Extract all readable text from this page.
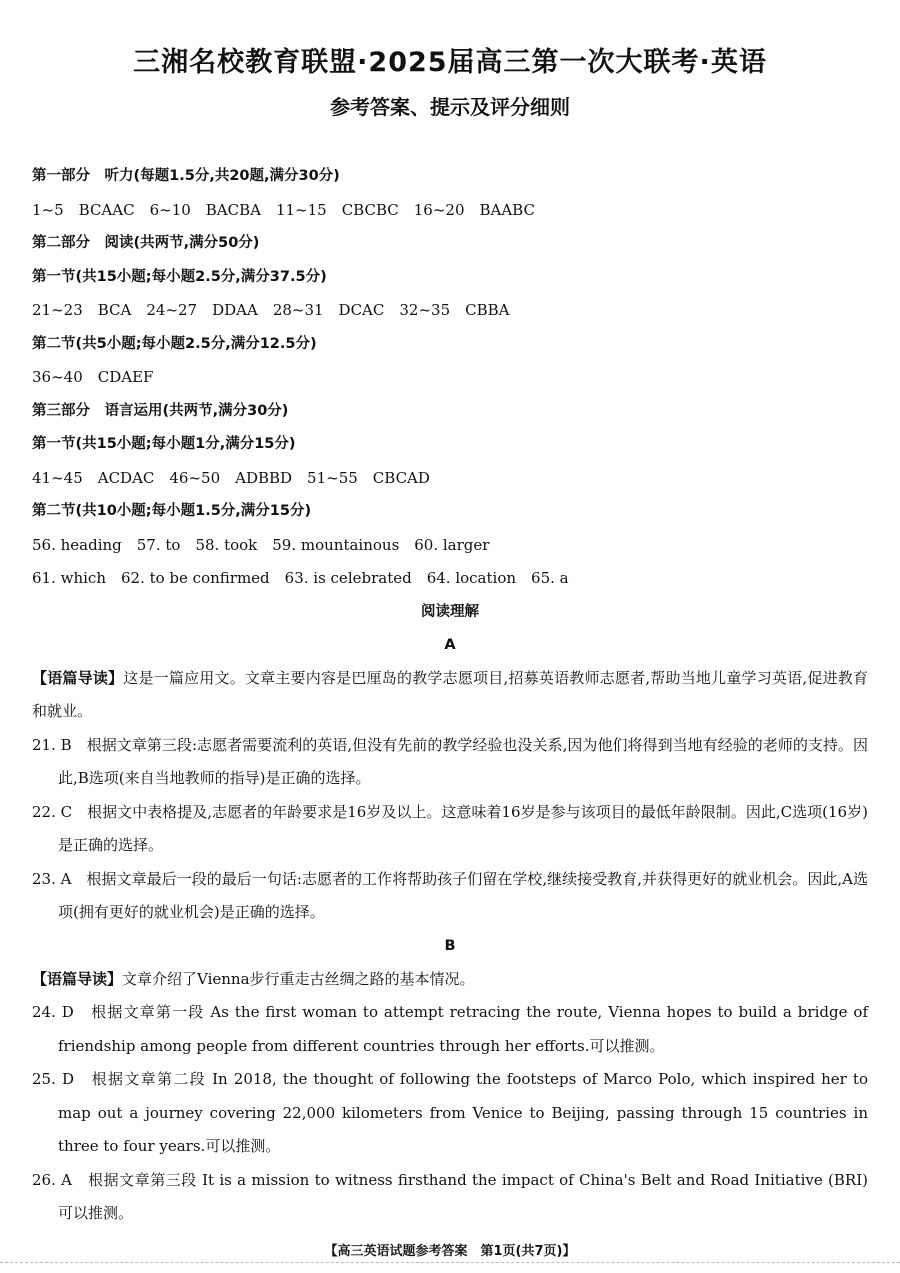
三湘名校教育联盟·2025届高三第一次大联考·英语
参考答案、提示及评分细则
第一部分　听力(每题1.5分,共20题,满分30分)
1~5　BCAAC　6~10　BACBA　11~15　CBCBC　16~20　BAABC
第二部分　阅读(共两节,满分50分)
第一节(共15小题;每小题2.5分,满分37.5分)
21~23　BCA　24~27　DDAA　28~31　DCAC　32~35　CBBA
第二节(共5小题;每小题2.5分,满分12.5分)
36~40　CDAEF
第三部分　语言运用(共两节,满分30分)
第一节(共15小题;每小题1分,满分15分)
41~45　ACDAC　46~50　ADBBD　51~55　CBCAD
第二节(共10小题;每小题1.5分,满分15分)
56. heading　57. to　58. took　59. mountainous　60. larger
61. which　62. to be confirmed　63. is celebrated　64. location　65. a
阅读理解
A

【语篇导读】这是一篇应用文。文章主要内容是巴厘岛的教学志愿项目,招募英语教师志愿者,帮助当地儿童学习英语,促进教育和就业。

21. B　根据文章第三段:志愿者需要流利的英语,但没有先前的教学经验也没关系,因为他们将得到当地有经验的老师的支持。因此,B选项(来自当地教师的指导)是正确的选择。

22. C　根据文中表格提及,志愿者的年龄要求是16岁及以上。这意味着16岁是参与该项目的最低年龄限制。因此,C选项(16岁)是正确的选择。

23. A　根据文章最后一段的最后一句话:志愿者的工作将帮助孩子们留在学校,继续接受教育,并获得更好的就业机会。因此,A选项(拥有更好的就业机会)是正确的选择。

B

【语篇导读】文章介绍了Vienna步行重走古丝绸之路的基本情况。

24. D　根据文章第一段 As the first woman to attempt retracing the route, Vienna hopes to build a bridge of friendship among people from different countries through her efforts.可以推测。

25. D　根据文章第二段 In 2018, the thought of following the footsteps of Marco Polo, which inspired her to map out a journey covering 22,000 kilometers from Venice to Beijing, passing through 15 countries in three to four years.可以推测。

26. A　根据文章第三段 It is a mission to witness firsthand the impact of China's Belt and Road Initiative (BRI) 可以推测。

【高三英语试题参考答案　第1页(共7页)】
